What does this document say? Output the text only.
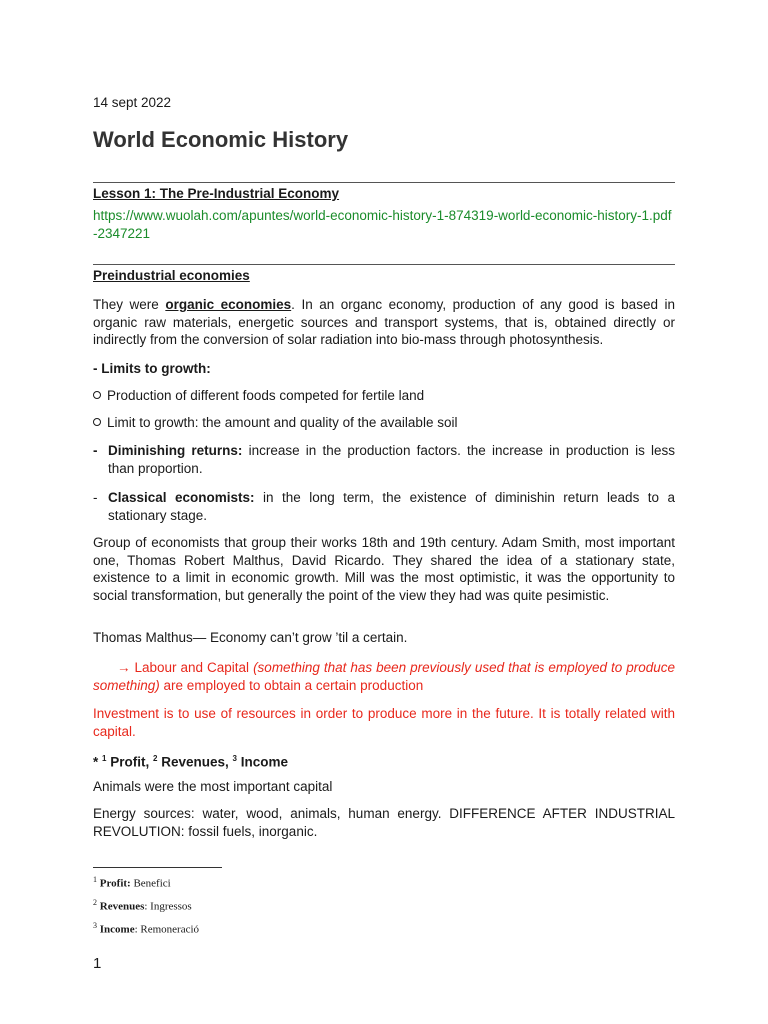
14 sept 2022
World Economic History
Lesson 1: The Pre-Industrial Economy
https://www.wuolah.com/apuntes/world-economic-history-1-874319-world-economic-history-1.pdf-2347221
Preindustrial economies

They were organic economies. In an organc economy, production of any good is based in organic raw materials, energetic sources and transport systems, that is, obtained directly or indirectly from the conversion of solar radiation into bio-mass through photosynthesis.

- Limits to growth:
Production of different foods competed for fertile land
Limit to growth: the amount and quality of the available soil
- Diminishing returns: increase in the production factors. the increase in production is less than proportion.
- Classical economists: in the long term, the existence of diminishin return leads to a stationary stage.

Group of economists that group their works 18th and 19th century. Adam Smith, most important one, Thomas Robert Malthus, David Ricardo. They shared the idea of a stationary state, existence to a limit in economic growth. Mill was the most optimistic, it was the opportunity to social transformation, but generally the point of the view they had was quite pesimistic.

Thomas Malthus— Economy can’t grow ’til a certain.

→ Labour and Capital (something that has been previously used that is employed to produce something) are employed to obtain a certain production

Investment is to use of resources in order to produce more in the future. It is totally related with capital.

* $^1$ Profit, $^2$ Revenues, $^3$ Income

Animals were the most important capital

Energy sources: water, wood, animals, human energy. DIFFERENCE AFTER INDUSTRIAL REVOLUTION: fossil fuels, inorganic.

$^1$ Profit: Benefici
$^2$ Revenues: Ingressos
$^3$ Income: Remoneració
1
